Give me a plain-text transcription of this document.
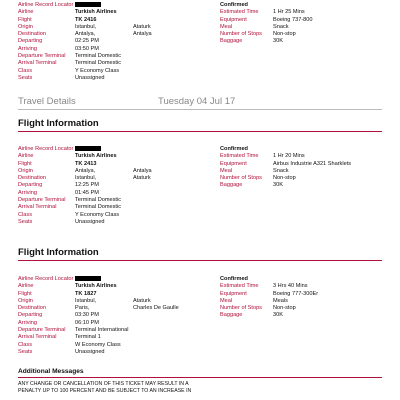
Airline Record Locator
Airline	Turkish Airlines
Flight	TK 2416
Origin	Istanbul,	Ataturk
Destination	Antalya,	Antalya
Departing	02:25 PM
Arriving	03:50 PM
Departure Terminal	Terminal Domestic
Arrival Terminal	Terminal Domestic
Class	Y Economy Class
Seats	Unassigned
Confirmed
Estimated Time	1 Hr 25 Mins
Equipment	Boeing 737-800
Meal	Snack
Number of Stops	Non-stop
Baggage	30K
Travel Details	Tuesday 04 Jul 17
Flight Information
Airline Record Locator
Airline	Turkish Airlines
Flight	TK 2413
Origin	Antalya,	Antalya
Destination	Istanbul,	Ataturk
Departing	12:25 PM
Arriving	01:45 PM
Departure Terminal	Terminal Domestic
Arrival Terminal	Terminal Domestic
Class	Y Economy Class
Seats	Unassigned
Confirmed
Estimated Time	1 Hr 20 Mins
Equipment	Airbus Industrie A321 Sharklets
Meal	Snack
Number of Stops	Non-stop
Baggage	30K
Flight Information
Airline Record Locator
Airline	Turkish Airlines
Flight	TK 1827
Origin	Istanbul,	Ataturk
Destination	Paris,	Charles De Gaulle
Departing	03:30 PM
Arriving	06:10 PM
Departure Terminal	Terminal International
Arrival Terminal	Terminal 1
Class	W Economy Class
Seats	Unassigned
Confirmed
Estimated Time	3 Hrs 40 Mins
Equipment	Boeing 777-300Er
Meal	Meals
Number of Stops	Non-stop
Baggage	30K
Additional Messages
ANY CHANGE OR CANCELLATION OF THIS TICKET MAY RESULT IN A
PENALTY UP TO 100 PERCENT AND BE SUBJECT TO AN INCREASE IN
